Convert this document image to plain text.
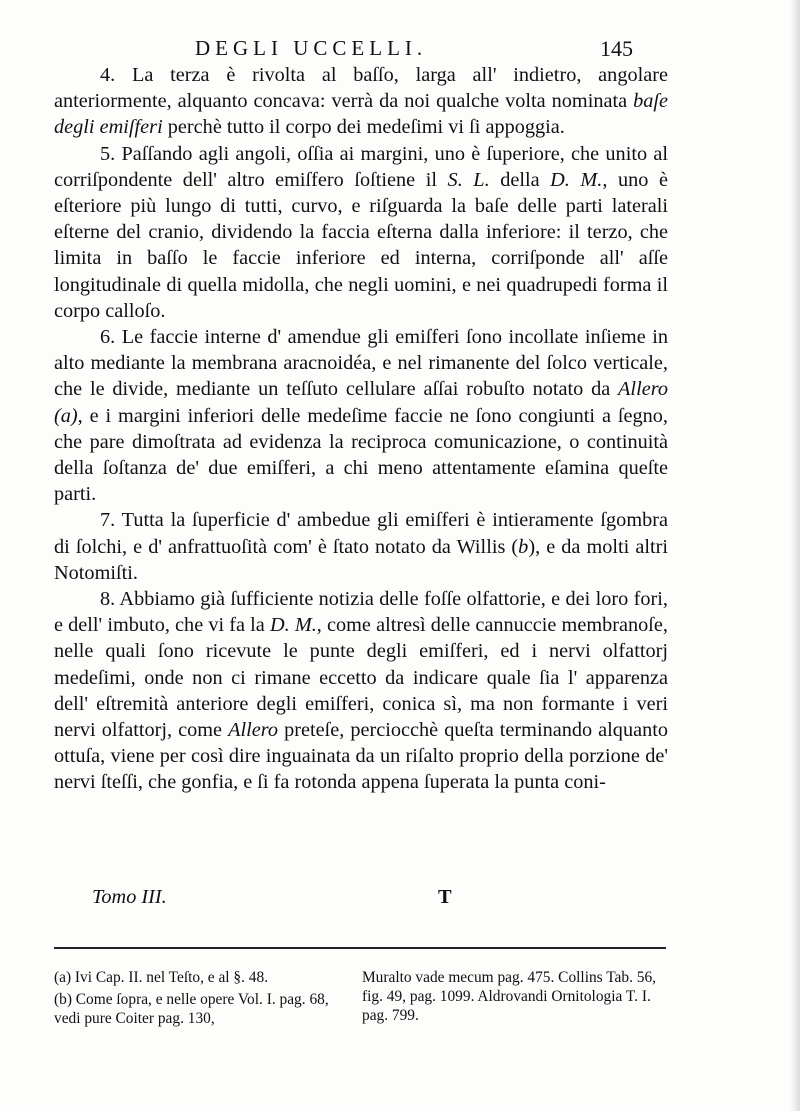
DEGLI UCCELLI.	145

4. La terza è rivolta al baſſo, larga all' indietro, angolare anteriormente, alquanto concava: verrà da noi qualche volta nominata baſe degli emiſferi perchè tutto il corpo dei medeſimi vi ſi appoggia.

5. Paſſando agli angoli, oſſia ai margini, uno è ſuperiore, che unito al corriſpondente dell' altro emiſfero ſoſtiene il S. L. della D. M., uno è eſteriore più lungo di tutti, curvo, e riſguarda la baſe delle parti laterali eſterne del cranio, dividendo la faccia eſterna dalla inferiore: il terzo, che limita in baſſo le faccie inferiore ed interna, corriſponde all' aſſe longitudinale di quella midolla, che negli uomini, e nei quadrupedi forma il corpo calloſo.

6. Le faccie interne d' amendue gli emiſferi ſono incollate inſieme in alto mediante la membrana aracnoidéa, e nel rimanente del ſolco verticale, che le divide, mediante un teſſuto cellulare aſſai robuſto notato da Allero (a), e i margini inferiori delle medeſime faccie ne ſono congiunti a ſegno, che pare dimoſtrata ad evidenza la reciproca comunicazione, o continuità della ſoſtanza de' due emiſferi, a chi meno attentamente eſamina queſte parti.

7. Tutta la ſuperficie d' ambedue gli emiſferi è intieramente ſgombra di ſolchi, e d' anfrattuoſità com' è ſtato notato da Willis (b), e da molti altri Notomiſti.

8. Abbiamo già ſufficiente notizia delle foſſe olfattorie, e dei loro fori, e dell' imbuto, che vi fa la D. M., come altresì delle cannuccie membranoſe, nelle quali ſono ricevute le punte degli emiſferi, ed i nervi olfattorj medeſimi, onde non ci rimane eccetto da indicare quale ſia l' apparenza dell' eſtremità anteriore degli emiſferi, conica sì, ma non formante i veri nervi olfattorj, come Allero preteſe, perciocchè queſta terminando alquanto ottuſa, viene per così dire inguainata da un riſalto proprio della porzione de' nervi ſteſſi, che gonfia, e ſi fa rotonda appena ſuperata la punta coni-

Tomo III.	T

(a) Ivi Cap. II. nel Teſto, e al §. 48.

(b) Come ſopra, e nelle opere Vol. I. pag. 68, vedi pure Coiter pag. 130,

Muralto vade mecum pag. 475. Collins Tab. 56, fig. 49, pag. 1099. Aldrovandi Ornitologia T. I. pag. 799.
